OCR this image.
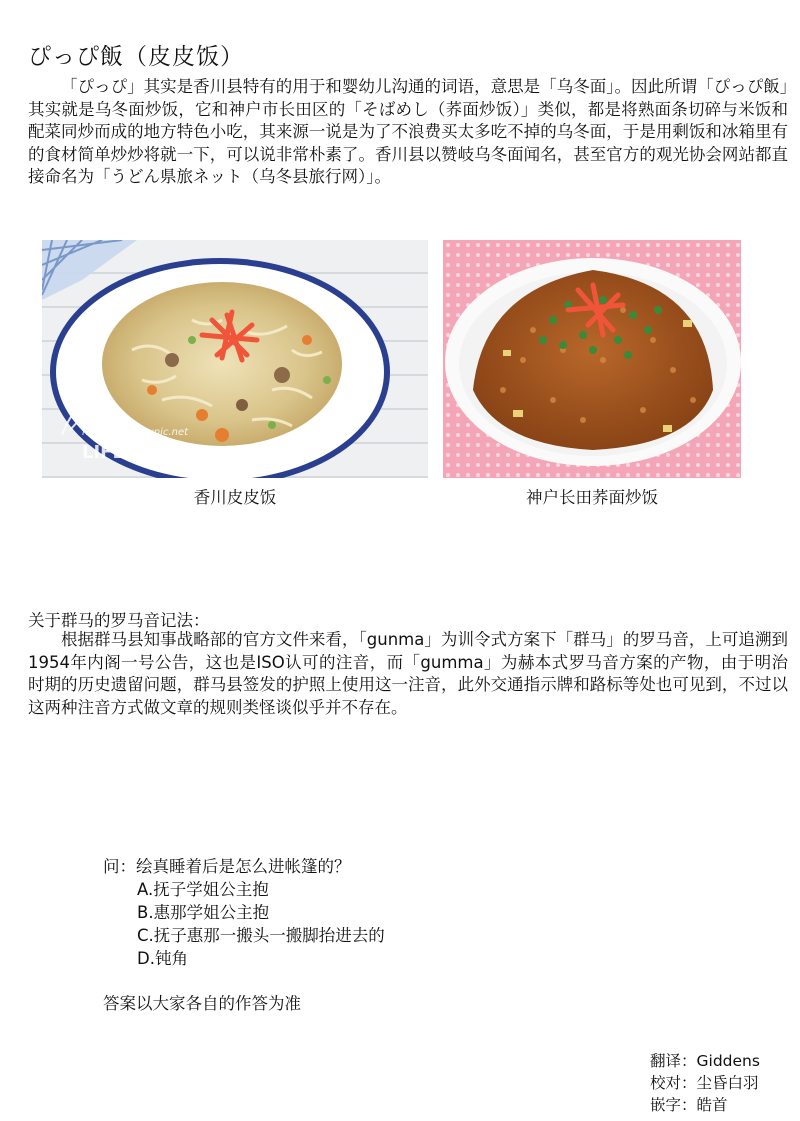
ぴっぴ飯（皮皮饭）

「ぴっぴ」其实是香川县特有的用于和婴幼儿沟通的词语，意思是「乌冬面」。因此所谓「ぴっぴ飯」其实就是乌冬面炒饭，它和神户市长田区的「そばめし（荞面炒饭）」类似，都是将熟面条切碎与米饭和配菜同炒而成的地方特色小吃，其来源一说是为了不浪费买太多吃不掉的乌冬面，于是用剩饭和冰箱里有的食材简单炒炒将就一下，可以说非常朴素了。香川县以赞岐乌冬面闻名，甚至官方的观光协会网站都直接命名为「うどん県旅ネット（乌冬县旅行网）」。

https://kamewnic.net
LIFE.NET
香川皮皮饭	神户长田荞面炒饭

关于群马的罗马音记法：

根据群马县知事战略部的官方文件来看，「gunma」为训令式方案下「群马」的罗马音，上可追溯到1954年内阁一号公告，这也是ISO认可的注音，而「gumma」为赫本式罗马音方案的产物，由于明治时期的历史遗留问题，群马县签发的护照上使用这一注音，此外交通指示牌和路标等处也可见到，不过以这两种注音方式做文章的规则类怪谈似乎并不存在。

问：绘真睡着后是怎么进帐篷的？
A.抚子学姐公主抱
B.惠那学姐公主抱
C.抚子惠那一搬头一搬脚抬进去的
D.钝角
答案以大家各自的作答为准
翻译：Giddens
校对：尘昏白羽
嵌字：皓首
